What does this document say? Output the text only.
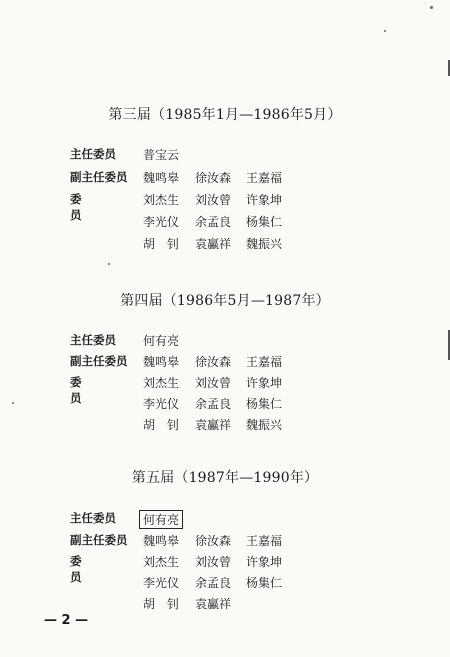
第三届（1985年1月—1986年5月）
主任委员 普宝云
副主任委员 魏鸣皋 徐汝森 王嘉福
委员
刘杰生 刘汝曾 许象坤
李光仪 余孟良 杨集仁
胡　钊 袁鸁祥 魏振兴
第四届（1986年5月—1987年）
主任委员	何有亮
副主任委员 魏鸣皋 徐汝森 王嘉福
委员
刘杰生 刘汝曾 许象坤
李光仪 余孟良 杨集仁
胡　钊 袁鸁祥 魏振兴
第五届（1987年—1990年）
主任委员	何有亮
副主任委员 魏鸣皋 徐汝森 王嘉福
委员
刘杰生 刘汝曾 许象坤
李光仪 余孟良 杨集仁
胡　钊 袁鸁祥
— 2 —
